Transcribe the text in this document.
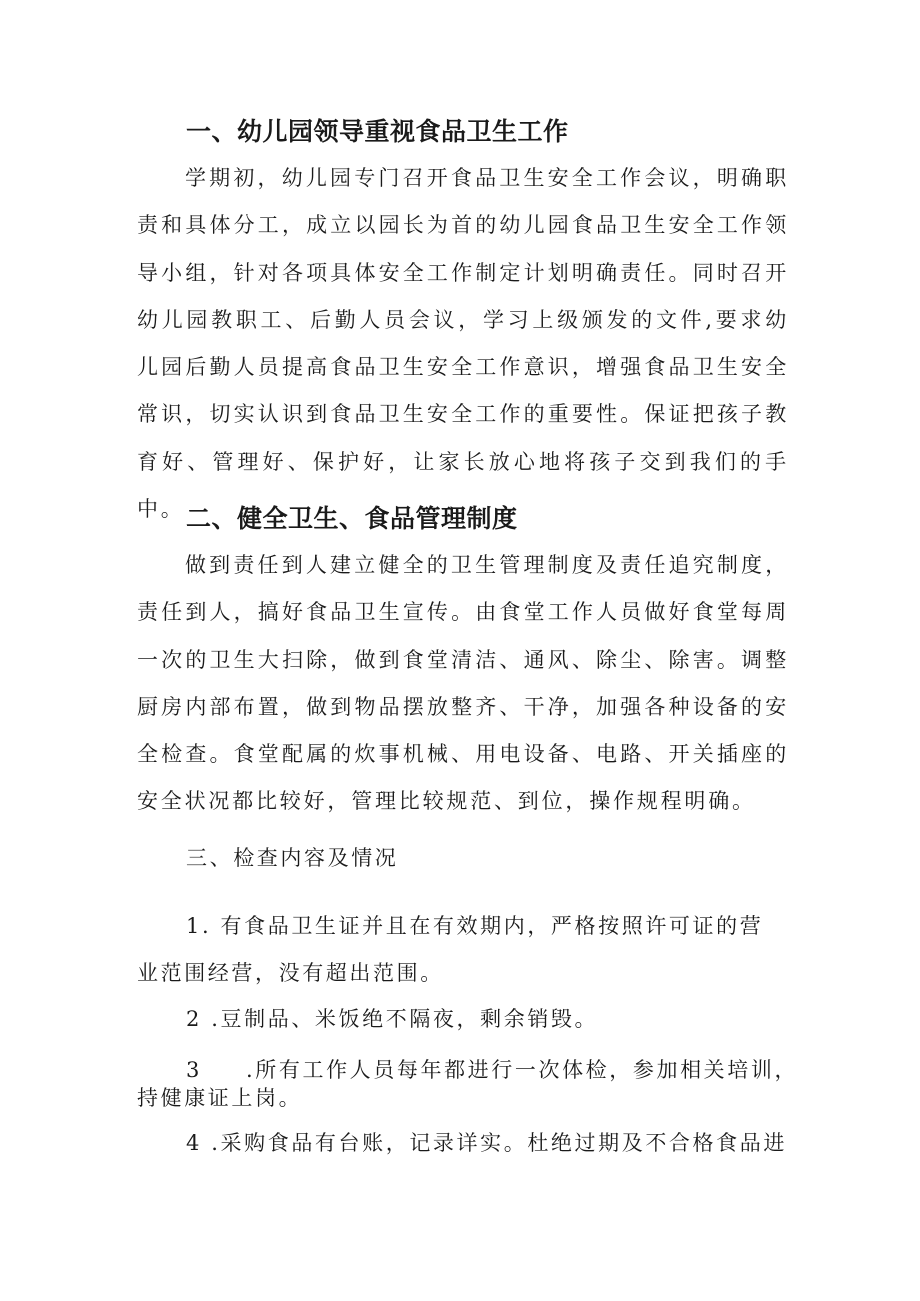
一、幼儿园领导重视食品卫生工作

学期初，幼儿园专门召开食品卫生安全工作会议，明确职责和具体分工，成立以园长为首的幼儿园食品卫生安全工作领导小组，针对各项具体安全工作制定计划明确责任。同时召开幼儿园教职工、后勤人员会议，学习上级颁发的文件,要求幼儿园后勤人员提高食品卫生安全工作意识，增强食品卫生安全常识，切实认识到食品卫生安全工作的重要性。保证把孩子教育好、管理好、保护好，让家长放心地将孩子交到我们的手中。 二、健全卫生、食品管理制度

做到责任到人建立健全的卫生管理制度及责任追究制度，责任到人，搞好食品卫生宣传。由食堂工作人员做好食堂每周一次的卫生大扫除，做到食堂清洁、通风、除尘、除害。调整厨房内部布置，做到物品摆放整齐、干净，加强各种设备的安全检查。食堂配属的炊事机械、用电设备、电路、开关插座的安全状况都比较好，管理比较规范、到位，操作规程明确。

三、检查内容及情况
1. 有食品卫生证并且在有效期内，严格按照许可证的营
业范围经营，没有超出范围。
2 .豆制品、米饭绝不隔夜，剩余销毁。
3 .所有工作人员每年都进行一次体检，参加相关培训，
持健康证上岗。
4 .采购食品有台账，记录详实。杜绝过期及不合格食品进
